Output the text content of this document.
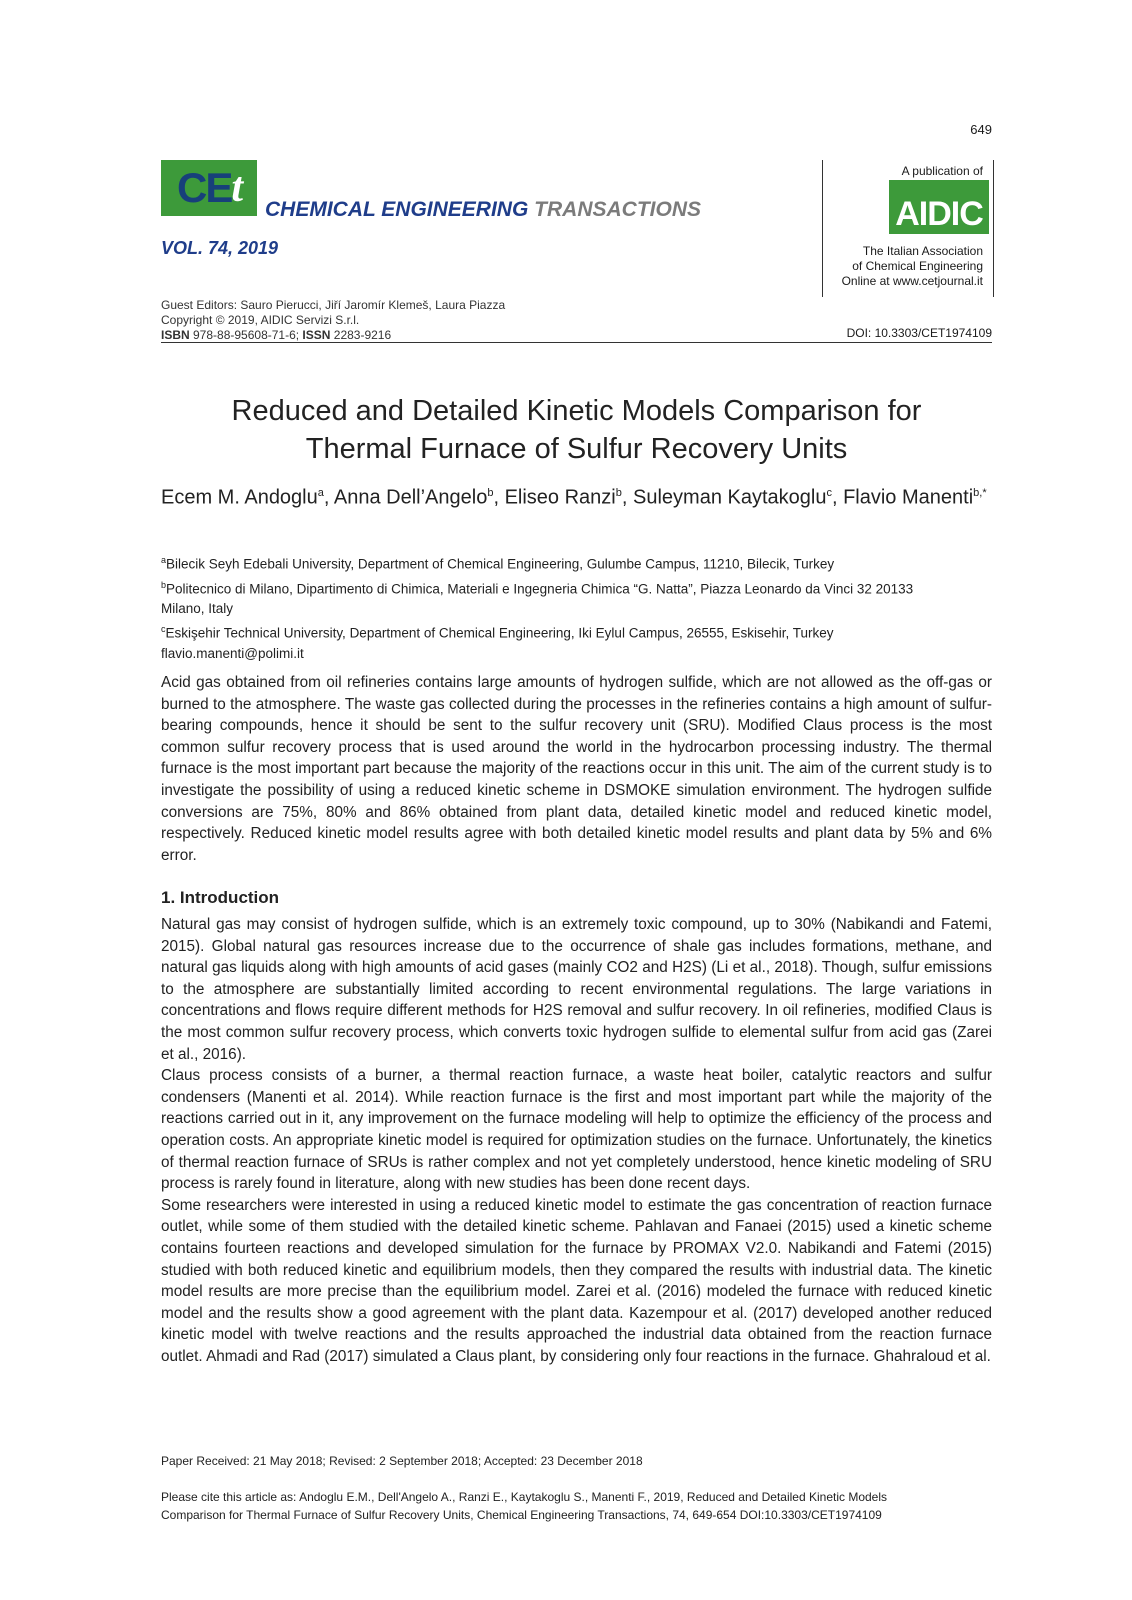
649
CE t CHEMICAL ENGINEERING TRANSACTIONS
VOL. 74, 2019
A publication of
AIDIC
The Italian Association
of Chemical Engineering
Online at www.cetjournal.it
Guest Editors: Sauro Pierucci, Jiří Jaromír Klemeš, Laura Piazza
Copyright © 2019, AIDIC Servizi S.r.l.
ISBN 978-88-95608-71-6; ISSN 2283-9216	DOI: 10.3303/CET1974109
Reduced and Detailed Kinetic Models Comparison for
Thermal Furnace of Sulfur Recovery Units
Ecem M. Andoglu$^a$, Anna Dell’Angelo$^b$, Eliseo Ranzi$^b$, Suleyman Kaytakoglu$^c$, Flavio Manenti$^{b,*}$
$^a$Bilecik Seyh Edebali University, Department of Chemical Engineering, Gulumbe Campus, 11210, Bilecik, Turkey
$^b$Politecnico di Milano, Dipartimento di Chimica, Materiali e Ingegneria Chimica “G. Natta”, Piazza Leonardo da Vinci 32 20133 Milano, Italy
$^c$Eskişehir Technical University, Department of Chemical Engineering, Iki Eylul Campus, 26555, Eskisehir, Turkey
flavio.manenti@polimi.it
Acid gas obtained from oil refineries contains large amounts of hydrogen sulfide, which are not allowed as the off-gas or burned to the atmosphere. The waste gas collected during the processes in the refineries contains a high amount of sulfur-bearing compounds, hence it should be sent to the sulfur recovery unit (SRU). Modified Claus process is the most common sulfur recovery process that is used around the world in the hydrocarbon processing industry. The thermal furnace is the most important part because the majority of the reactions occur in this unit. The aim of the current study is to investigate the possibility of using a reduced kinetic scheme in DSMOKE simulation environment. The hydrogen sulfide conversions are 75%, 80% and 86% obtained from plant data, detailed kinetic model and reduced kinetic model, respectively. Reduced kinetic model results agree with both detailed kinetic model results and plant data by 5% and 6% error.
1. Introduction

Natural gas may consist of hydrogen sulfide, which is an extremely toxic compound, up to 30% (Nabikandi and Fatemi, 2015). Global natural gas resources increase due to the occurrence of shale gas includes formations, methane, and natural gas liquids along with high amounts of acid gases (mainly CO2 and H2S) (Li et al., 2018). Though, sulfur emissions to the atmosphere are substantially limited according to recent environmental regulations. The large variations in concentrations and flows require different methods for H2S removal and sulfur recovery. In oil refineries, modified Claus is the most common sulfur recovery process, which converts toxic hydrogen sulfide to elemental sulfur from acid gas (Zarei et al., 2016).

Claus process consists of a burner, a thermal reaction furnace, a waste heat boiler, catalytic reactors and sulfur condensers (Manenti et al. 2014). While reaction furnace is the first and most important part while the majority of the reactions carried out in it, any improvement on the furnace modeling will help to optimize the efficiency of the process and operation costs. An appropriate kinetic model is required for optimization studies on the furnace. Unfortunately, the kinetics of thermal reaction furnace of SRUs is rather complex and not yet completely understood, hence kinetic modeling of SRU process is rarely found in literature, along with new studies has been done recent days.

Some researchers were interested in using a reduced kinetic model to estimate the gas concentration of reaction furnace outlet, while some of them studied with the detailed kinetic scheme. Pahlavan and Fanaei (2015) used a kinetic scheme contains fourteen reactions and developed simulation for the furnace by PROMAX V2.0. Nabikandi and Fatemi (2015) studied with both reduced kinetic and equilibrium models, then they compared the results with industrial data. The kinetic model results are more precise than the equilibrium model. Zarei et al. (2016) modeled the furnace with reduced kinetic model and the results show a good agreement with the plant data. Kazempour et al. (2017) developed another reduced kinetic model with twelve reactions and the results approached the industrial data obtained from the reaction furnace outlet. Ahmadi and Rad (2017) simulated a Claus plant, by considering only four reactions in the furnace. Ghahraloud et al.

Paper Received: 21 May 2018; Revised: 2 September 2018; Accepted: 23 December 2018
Please cite this article as: Andoglu E.M., Dell'Angelo A., Ranzi E., Kaytakoglu S., Manenti F., 2019, Reduced and Detailed Kinetic Models
Comparison for Thermal Furnace of Sulfur Recovery Units, Chemical Engineering Transactions, 74, 649-654 DOI:10.3303/CET1974109
